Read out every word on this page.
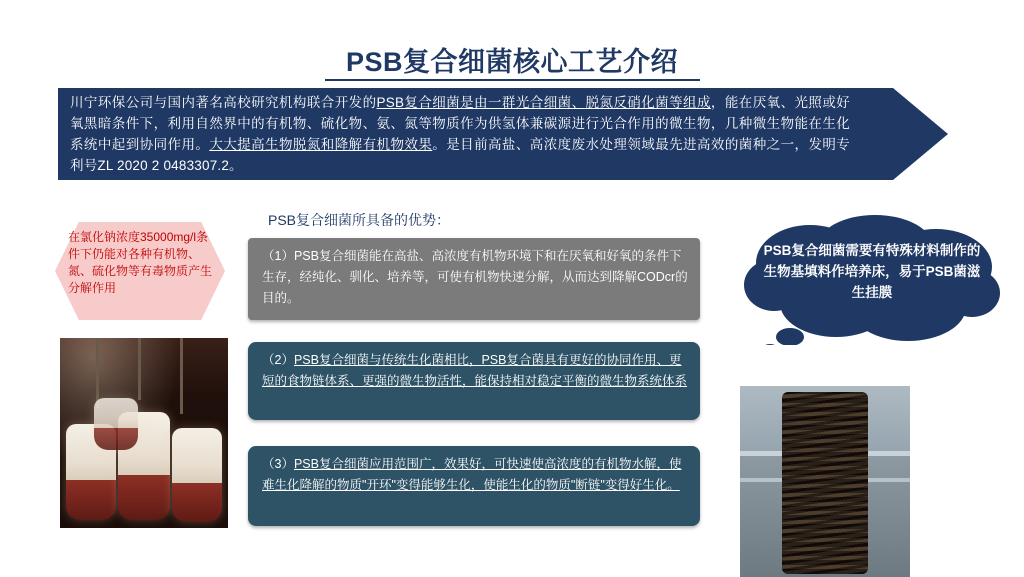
PSB复合细菌核心工艺介绍
川宁环保公司与国内著名高校研究机构联合开发的PSB复合细菌是由一群光合细菌、脱氮反硝化菌等组成，能在厌氧、光照或好氧黑暗条件下，利用自然界中的有机物、硫化物、氨、氮等物质作为供氢体兼碳源进行光合作用的微生物，几种微生物能在生化系统中起到协同作用。大大提高生物脱氮和降解有机物效果。是目前高盐、高浓度废水处理领域最先进高效的菌种之一，发明专利号ZL 2020 2 0483307.2。
在氯化钠浓度35000mg/l条件下仍能对各种有机物、氮、硫化物等有毒物质产生分解作用
PSB复合细菌所具备的优势：
（1）PSB复合细菌能在高盐、高浓度有机物环境下和在厌氧和好氧的条件下生存，经纯化、驯化、培养等，可使有机物快速分解，从而达到降解CODcr的目的。
（2）PSB复合细菌与传统生化菌相比，PSB复合菌具有更好的协同作用、更短的食物链体系、更强的微生物活性，能保持相对稳定平衡的微生物系统体系
（3）PSB复合细菌应用范围广，效果好，可快速使高浓度的有机物水解，使难生化降解的物质"开环"变得能够生化，使能生化的物质"断链"变得好生化。
PSB复合细菌需要有特殊材料制作的生物基填料作培养床，易于PSB菌滋生挂膜
